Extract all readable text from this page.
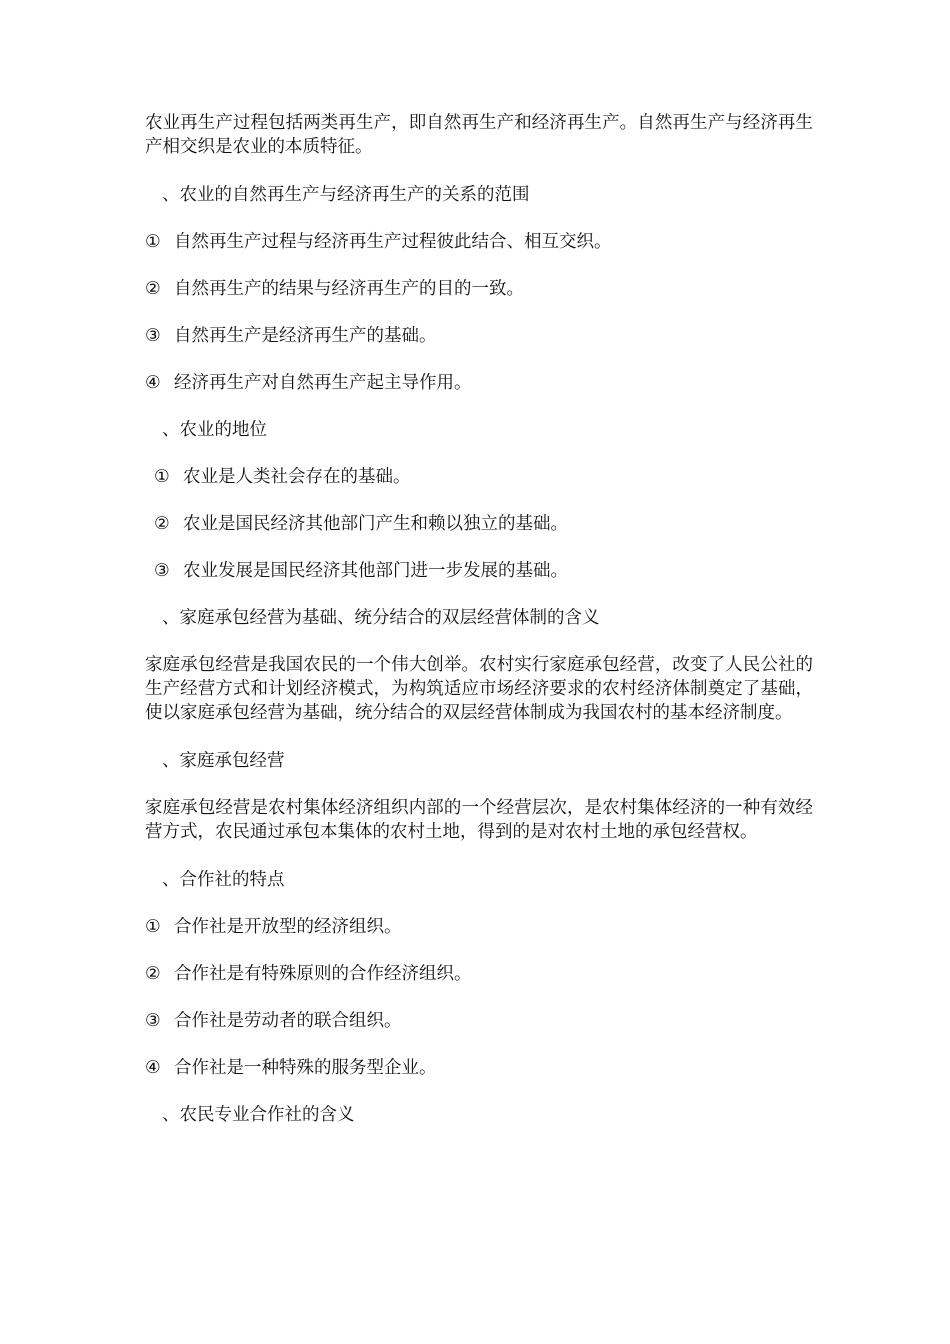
农业再生产过程包括两类再生产，即自然再生产和经济再生产。自然再生产与经济再生产相交织是农业的本质特征。

、农业的自然再生产与经济再生产的关系的范围

① 自然再生产过程与经济再生产过程彼此结合、相互交织。

② 自然再生产的结果与经济再生产的目的一致。

③ 自然再生产是经济再生产的基础。

④ 经济再生产对自然再生产起主导作用。

、农业的地位

① 农业是人类社会存在的基础。

② 农业是国民经济其他部门产生和赖以独立的基础。

③ 农业发展是国民经济其他部门进一步发展的基础。

、家庭承包经营为基础、统分结合的双层经营体制的含义

家庭承包经营是我国农民的一个伟大创举。农村实行家庭承包经营，改变了人民公社的生产经营方式和计划经济模式，为构筑适应市场经济要求的农村经济体制奠定了基础，使以家庭承包经营为基础，统分结合的双层经营体制成为我国农村的基本经济制度。

、家庭承包经营

家庭承包经营是农村集体经济组织内部的一个经营层次，是农村集体经济的一种有效经营方式，农民通过承包本集体的农村土地，得到的是对农村土地的承包经营权。

、合作社的特点

① 合作社是开放型的经济组织。

② 合作社是有特殊原则的合作经济组织。

③ 合作社是劳动者的联合组织。

④ 合作社是一种特殊的服务型企业。

、农民专业合作社的含义
